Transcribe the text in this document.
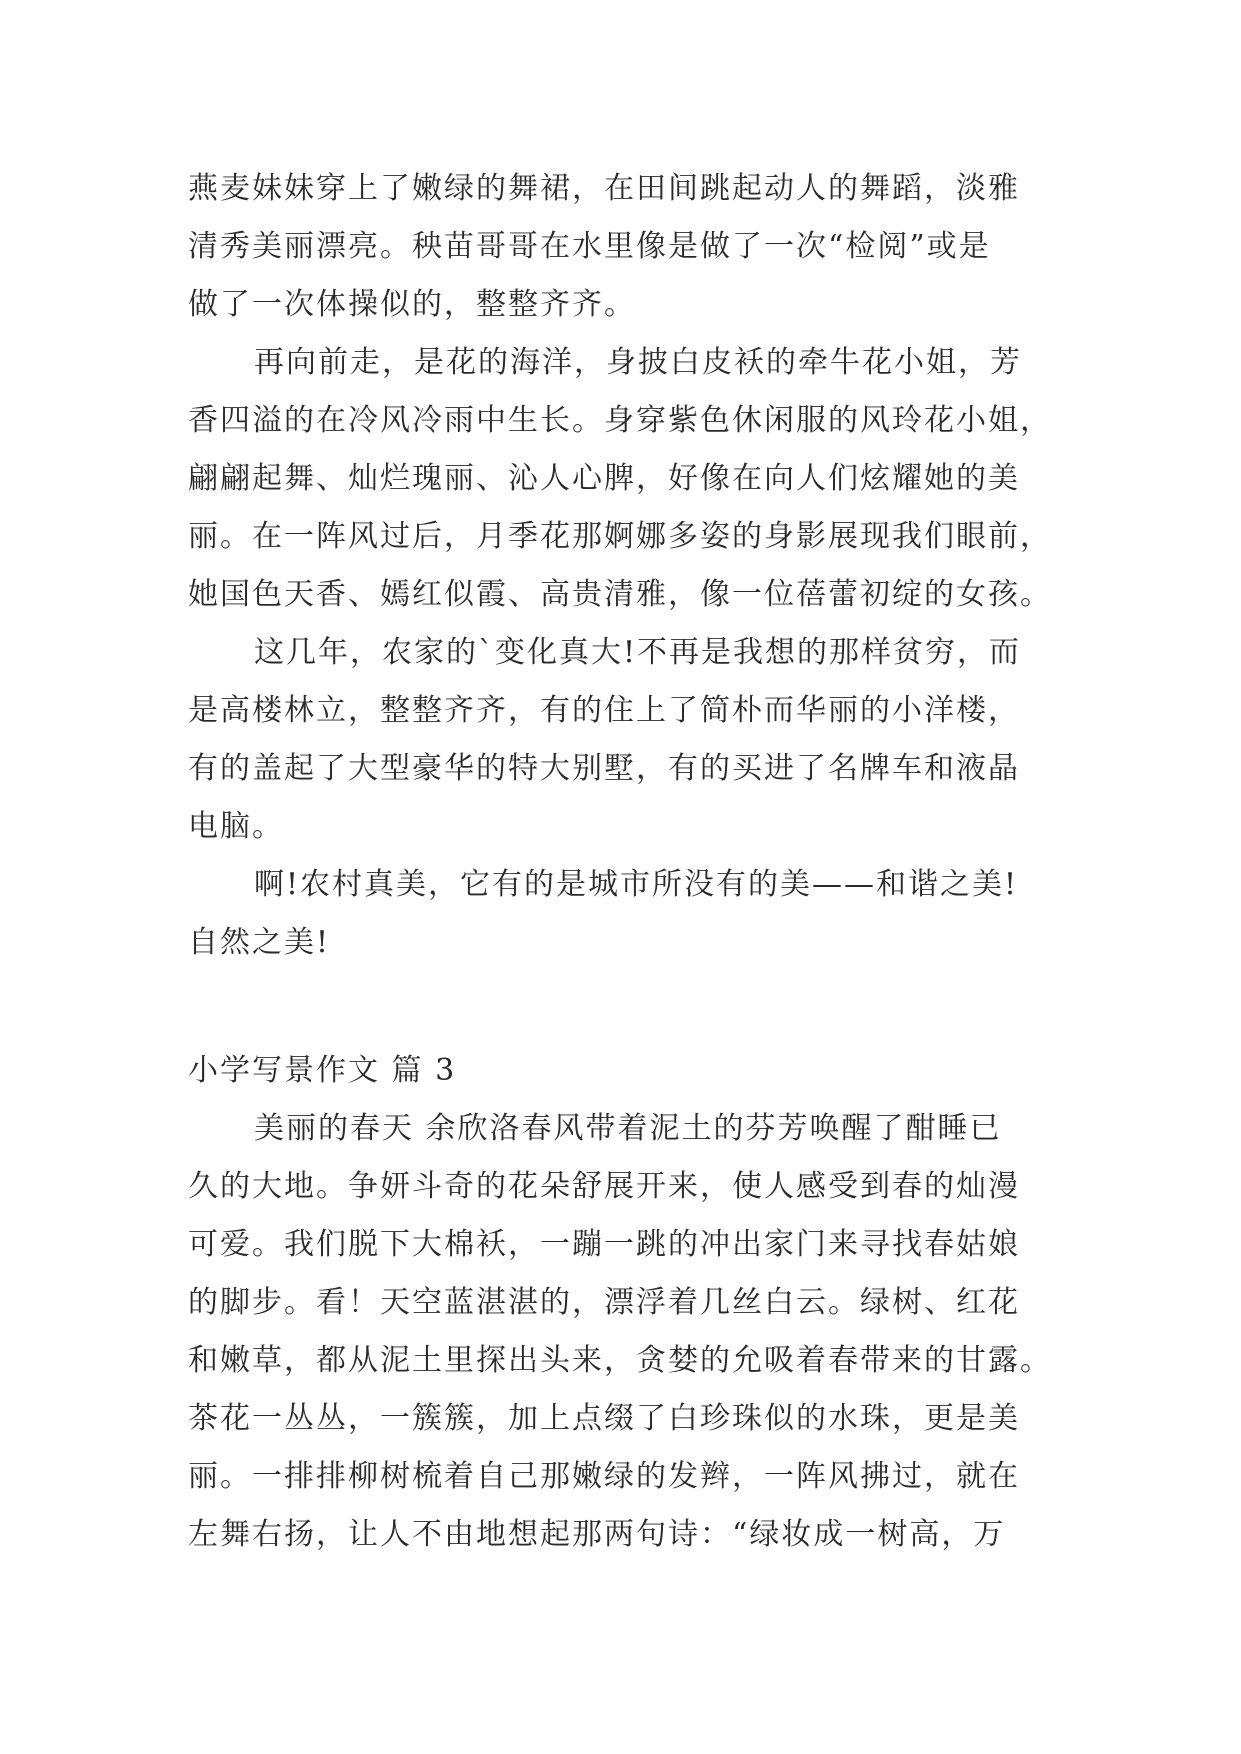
燕麦妹妹穿上了嫩绿的舞裙，在田间跳起动人的舞蹈，淡雅
清秀美丽漂亮。秧苗哥哥在水里像是做了一次“检阅”或是
做了一次体操似的，整整齐齐。
再向前走，是花的海洋，身披白皮袄的牵牛花小姐，芳
香四溢的在冷风冷雨中生长。身穿紫色休闲服的风玲花小姐，
翩翩起舞、灿烂瑰丽、沁人心脾，好像在向人们炫耀她的美
丽。在一阵风过后，月季花那婀娜多姿的身影展现我们眼前，
她国色天香、嫣红似霞、高贵清雅，像一位蓓蕾初绽的女孩。
这几年，农家的`变化真大!不再是我想的那样贫穷，而
是高楼林立，整整齐齐，有的住上了简朴而华丽的小洋楼，
有的盖起了大型豪华的特大别墅，有的买进了名牌车和液晶
电脑。
啊!农村真美，它有的是城市所没有的美——和谐之美!
自然之美!
小学写景作文 篇 3
美丽的春天 余欣洛春风带着泥土的芬芳唤醒了酣睡已
久的大地。争妍斗奇的花朵舒展开来，使人感受到春的灿漫
可爱。我们脱下大棉袄，一蹦一跳的冲出家门来寻找春姑娘
的脚步。看！天空蓝湛湛的，漂浮着几丝白云。绿树、红花
和嫩草，都从泥土里探出头来，贪婪的允吸着春带来的甘露。
茶花一丛丛，一簇簇，加上点缀了白珍珠似的水珠，更是美
丽。一排排柳树梳着自己那嫩绿的发辫，一阵风拂过，就在
左舞右扬，让人不由地想起那两句诗：“绿妆成一树高，万
